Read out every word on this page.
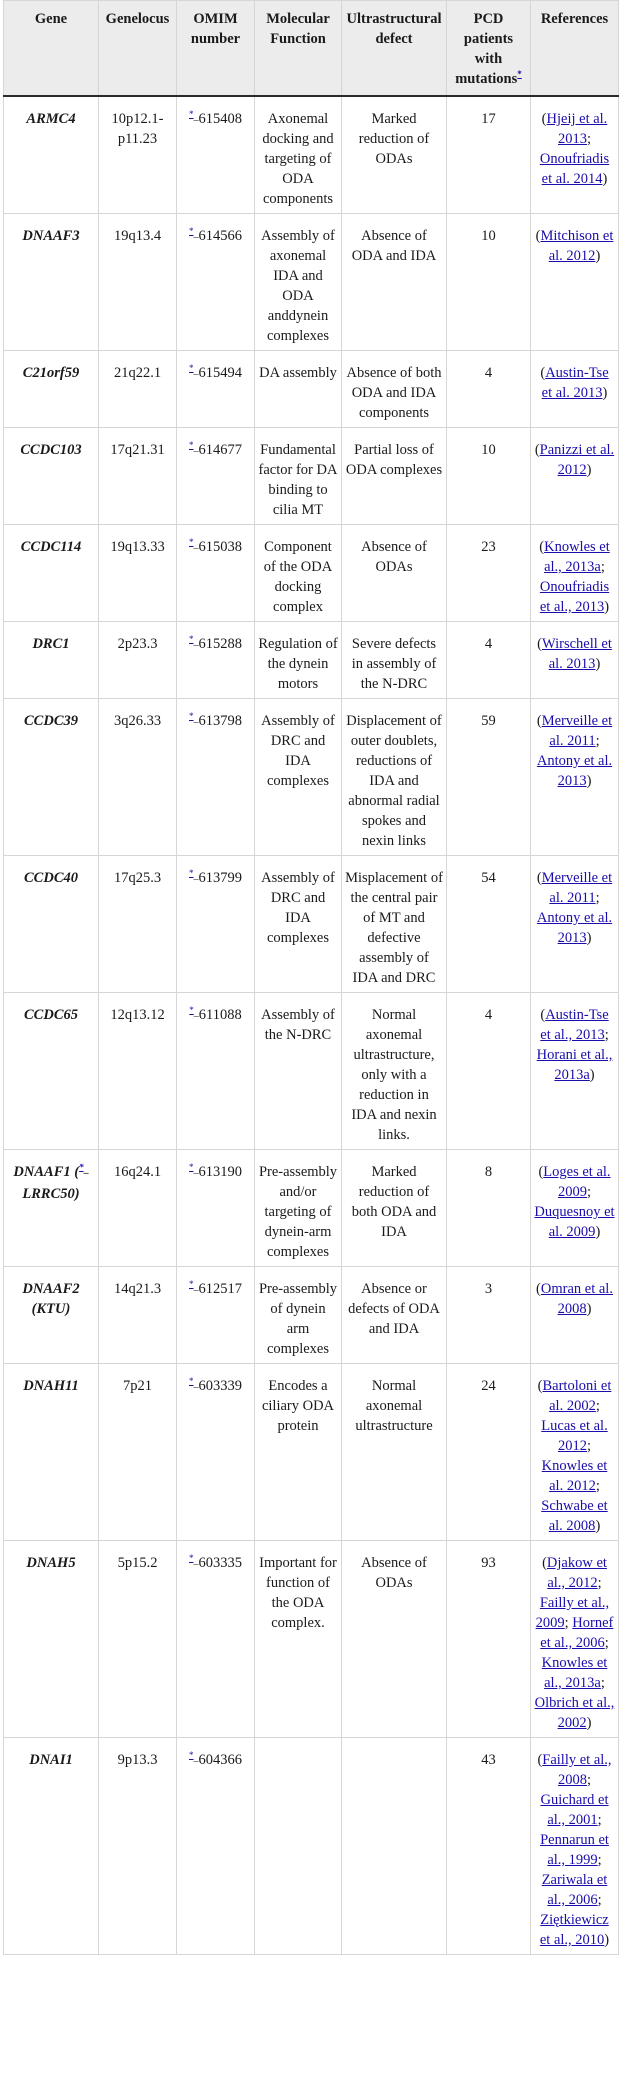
Gene	Genelocus	OMIM number	Molecular Function	Ultrastructural defect	PCD patients with mutations*	References
ARMC4	10p12.1-p11.23	*–615408	Axonemal docking and targeting of ODA components	Marked reduction of ODAs	17	(Hjeij et al. 2013; Onoufriadis et al. 2014)
DNAAF3	19q13.4	*–614566	Assembly of axonemal IDA and ODA anddynein complexes	Absence of ODA and IDA	10	(Mitchison et al. 2012)
C21orf59	21q22.1	*–615494	DA assembly	Absence of both ODA and IDA components	4	(Austin-Tse et al. 2013)
CCDC103	17q21.31	*–614677	Fundamental factor for DA binding to cilia MT	Partial loss of ODA complexes	10	(Panizzi et al. 2012)
CCDC114	19q13.33	*–615038	Component of the ODA docking complex	Absence of ODAs	23	(Knowles et al., 2013a; Onoufriadis et al., 2013)
DRC1	2p23.3	*–615288	Regulation of the dynein motors	Severe defects in assembly of the N-DRC	4	(Wirschell et al. 2013)
CCDC39	3q26.33	*–613798	Assembly of DRC and IDA complexes	Displacement of outer doublets, reductions of IDA and abnormal radial spokes and nexin links	59	(Merveille et al. 2011; Antony et al. 2013)
CCDC40	17q25.3	*–613799	Assembly of DRC and IDA complexes	Misplacement of the central pair of MT and defective assembly of IDA and DRC	54	(Merveille et al. 2011; Antony et al. 2013)
CCDC65	12q13.12	*–611088	Assembly of the N-DRC	Normal axonemal ultrastructure, only with a reduction in IDA and nexin links.	4	(Austin-Tse et al., 2013; Horani et al., 2013a)
DNAAF1 (*–LRRC50)	16q24.1	*–613190	Pre-assembly and/or targeting of dynein-arm complexes	Marked reduction of both ODA and IDA	8	(Loges et al. 2009; Duquesnoy et al. 2009)
DNAAF2 (KTU)	14q21.3	*–612517	Pre-assembly of dynein arm complexes	Absence or defects of ODA and IDA	3	(Omran et al. 2008)
DNAH11	7p21	*–603339	Encodes a ciliary ODA protein	Normal axonemal ultrastructure	24	(Bartoloni et al. 2002; Lucas et al. 2012; Knowles et al. 2012; Schwabe et al. 2008)
DNAH5	5p15.2	*–603335	Important for function of the ODA complex.	Absence of ODAs	93	(Djakow et al., 2012; Failly et al., 2009; Hornef et al., 2006; Knowles et al., 2013a; Olbrich et al., 2002)
DNAI1	9p13.3	*–604366			43	(Failly et al., 2008; Guichard et al., 2001; Pennarun et al., 1999; Zariwala et al., 2006; Ziętkiewicz et al., 2010)
